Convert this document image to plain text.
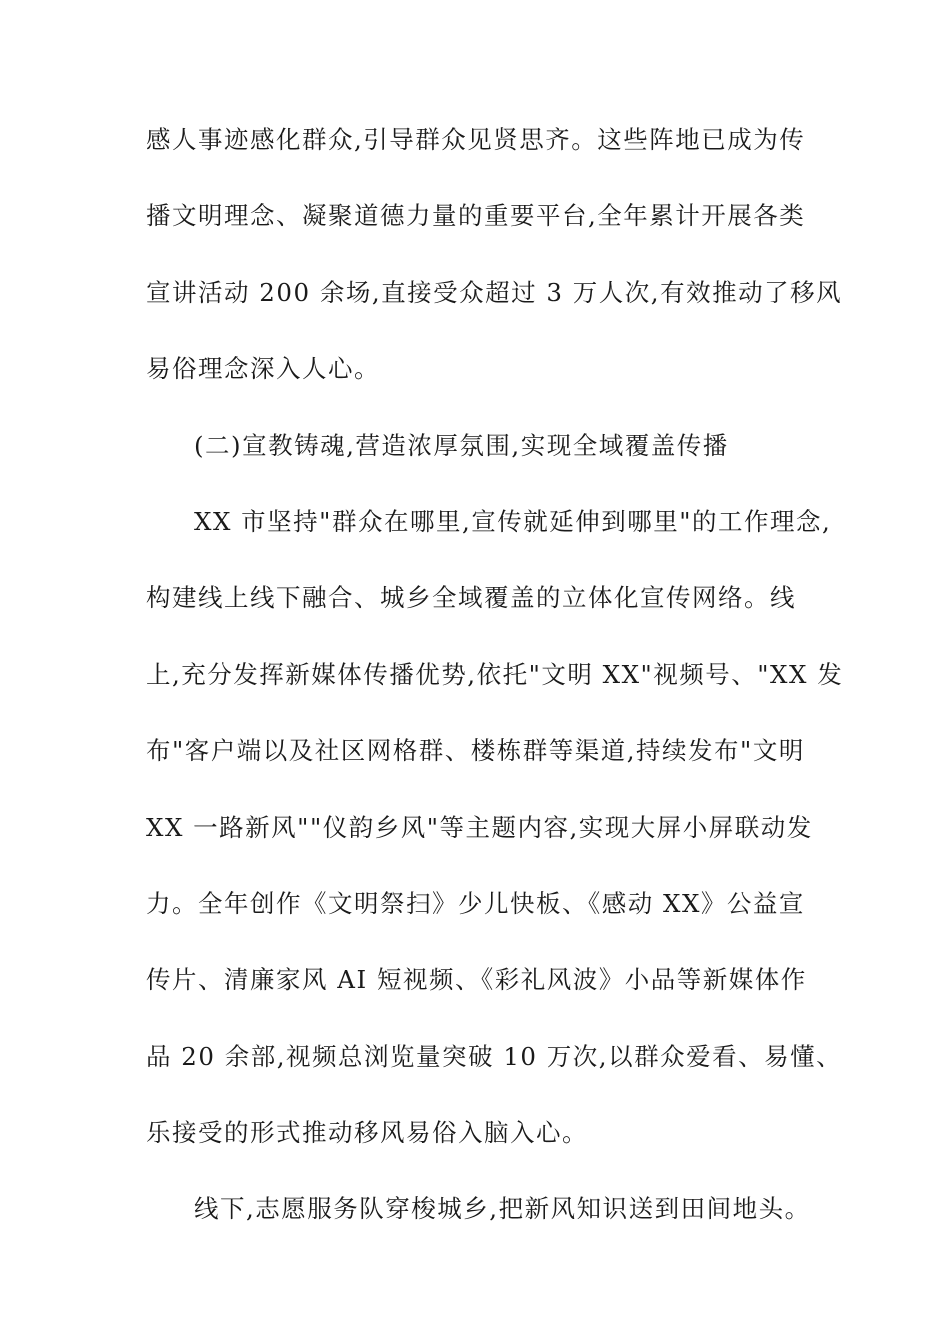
感人事迹感化群众,引导群众见贤思齐。这些阵地已成为传
播文明理念、凝聚道德力量的重要平台,全年累计开展各类
宣讲活动 200 余场,直接受众超过 3 万人次,有效推动了移风
易俗理念深入人心。
(二)宣教铸魂,营造浓厚氛围,实现全域覆盖传播
XX 市坚持"群众在哪里,宣传就延伸到哪里"的工作理念,
构建线上线下融合、城乡全域覆盖的立体化宣传网络。线
上,充分发挥新媒体传播优势,依托"文明 XX"视频号、"XX 发
布"客户端以及社区网格群、楼栋群等渠道,持续发布"文明
XX 一路新风""仪韵乡风"等主题内容,实现大屏小屏联动发
力。全年创作《文明祭扫》少儿快板、《感动 XX》公益宣
传片、清廉家风 AI 短视频、《彩礼风波》小品等新媒体作
品 20 余部,视频总浏览量突破 10 万次,以群众爱看、易懂、
乐接受的形式推动移风易俗入脑入心。
线下,志愿服务队穿梭城乡,把新风知识送到田间地头。
